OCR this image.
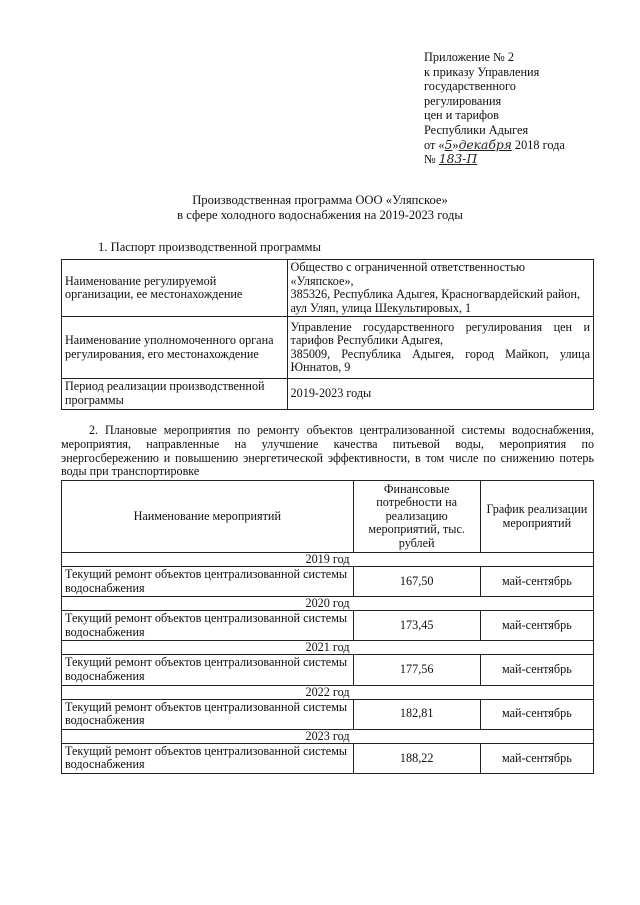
Приложение № 2
к приказу Управления
государственного
регулирования
цен и тарифов
Республики Адыгея
от «5»декабря 2018 года
№ 183-П
Производственная программа ООО «Уляпское»
в сфере холодного водоснабжения на 2019-2023 годы
1. Паспорт производственной программы
Наименование регулируемой организации, ее местонахождение	Общество с ограниченной ответственностью «Уляпское»,
385326, Республика Адыгея, Красногвардейский район, аул Уляп, улица Шекультировых, 1

Наименование уполномоченного органа регулирования, его местонахождение	Управление государственного регулирования цен и тарифов Республики Адыгея,
385009, Республика Адыгея, город Майкоп, улица Юннатов, 9

Период реализации производственной программы	2019-2023 годы
2. Плановые мероприятия по ремонту объектов централизованной системы водоснабжения, мероприятия, направленные на улучшение качества питьевой воды, мероприятия по энергосбережению и повышению энергетической эффективности, в том числе по снижению потерь воды при транспортировке
Наименование мероприятий	Финансовые потребности на реализацию мероприятий, тыс. рублей	График реализации мероприятий
2019 год		
Текущий ремонт объектов централизованной системы водоснабжения	167,50	май-сентябрь
2020 год		
Текущий ремонт объектов централизованной системы водоснабжения	173,45	май-сентябрь
2021 год		
Текущий ремонт объектов централизованной системы водоснабжения	177,56	май-сентябрь
2022 год		
Текущий ремонт объектов централизованной системы водоснабжения	182,81	май-сентябрь
2023 год		
Текущий ремонт объектов централизованной системы водоснабжения	188,22	май-сентябрь
